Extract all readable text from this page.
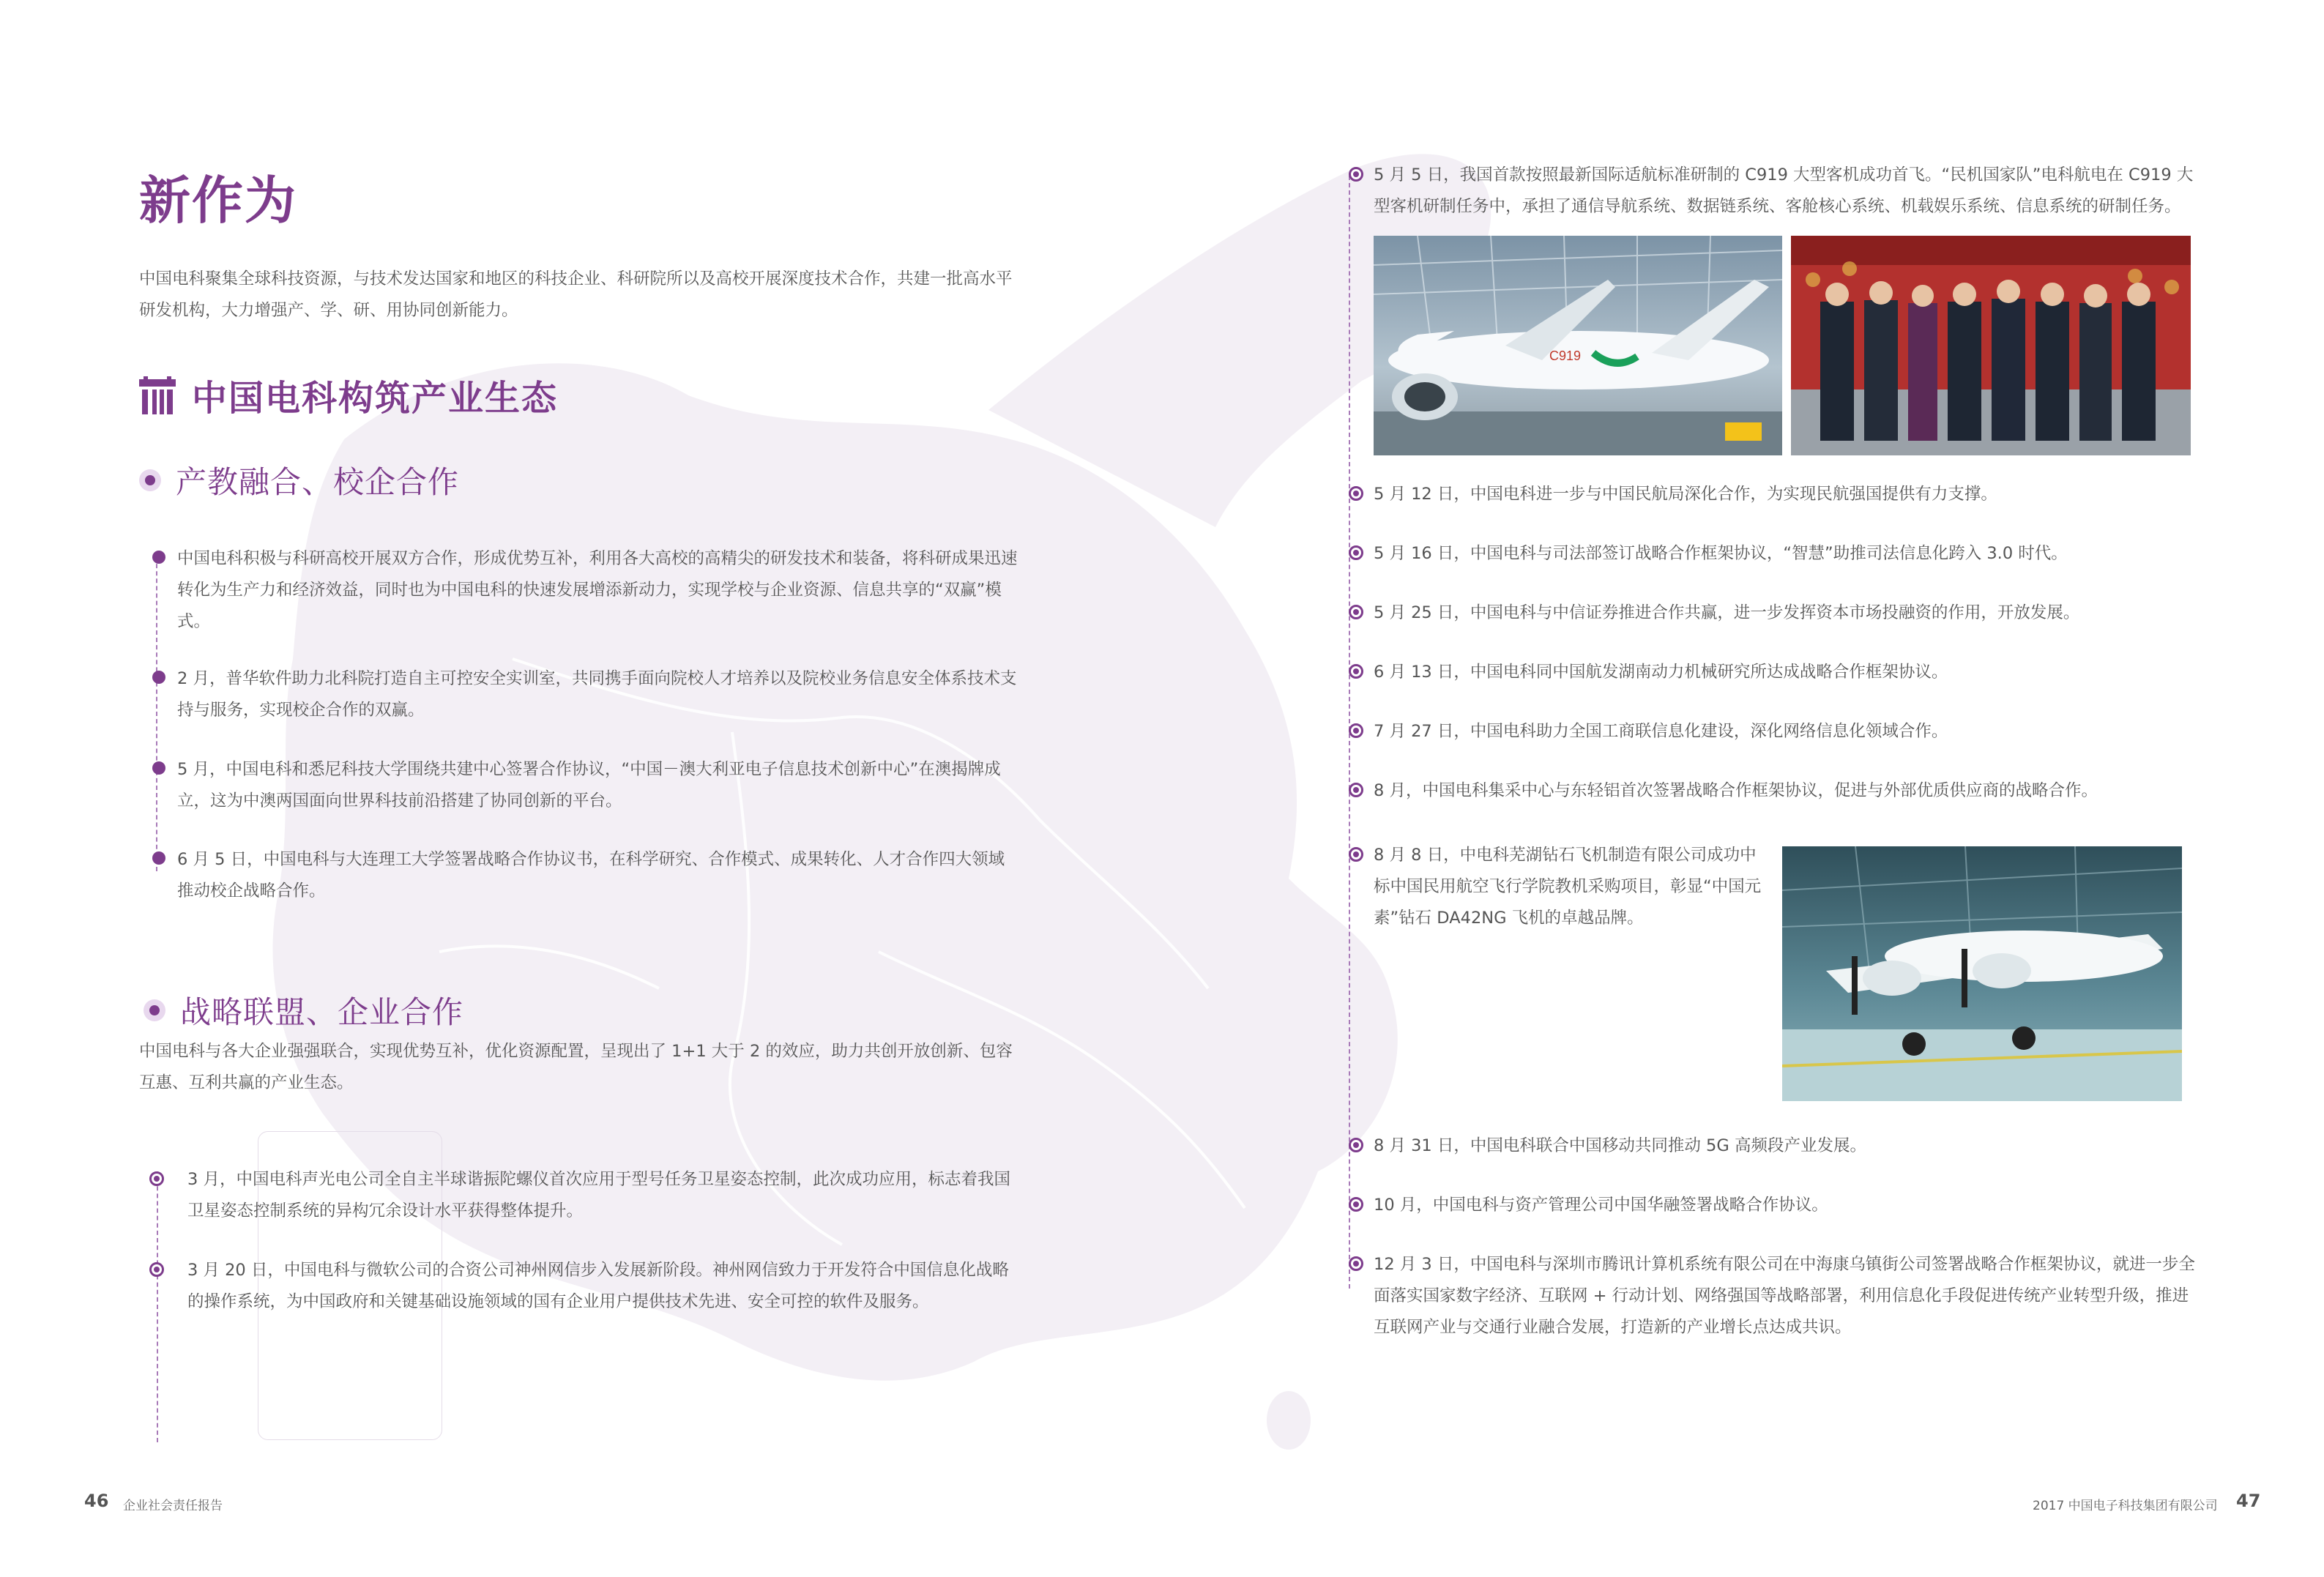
新作为
中国电科聚集全球科技资源，与技术发达国家和地区的科技企业、科研院所以及高校开展深度技术合作，共建一批高水平研发机构，大力增强产、学、研、用协同创新能力。
中国电科构筑产业生态
产教融合、校企合作
中国电科积极与科研高校开展双方合作，形成优势互补，利用各大高校的高精尖的研发技术和装备，将科研成果迅速转化为生产力和经济效益，同时也为中国电科的快速发展增添新动力，实现学校与企业资源、信息共享的“双赢”模式。
2 月，普华软件助力北科院打造自主可控安全实训室，共同携手面向院校人才培养以及院校业务信息安全体系技术支持与服务，实现校企合作的双赢。
5 月，中国电科和悉尼科技大学围绕共建中心签署合作协议，“中国－澳大利亚电子信息技术创新中心”在澳揭牌成立，这为中澳两国面向世界科技前沿搭建了协同创新的平台。
6 月 5 日，中国电科与大连理工大学签署战略合作协议书，在科学研究、合作模式、成果转化、人才合作四大领域推动校企战略合作。
战略联盟、企业合作
中国电科与各大企业强强联合，实现优势互补，优化资源配置，呈现出了 1+1 大于 2 的效应，助力共创开放创新、包容互惠、互利共赢的产业生态。
3 月，中国电科声光电公司全自主半球谐振陀螺仪首次应用于型号任务卫星姿态控制，此次成功应用，标志着我国卫星姿态控制系统的异构冗余设计水平获得整体提升。
3 月 20 日，中国电科与微软公司的合资公司神州网信步入发展新阶段。神州网信致力于开发符合中国信息化战略的操作系统，为中国政府和关键基础设施领域的国有企业用户提供技术先进、安全可控的软件及服务。
46 企业社会责任报告
5 月 5 日，我国首款按照最新国际适航标准研制的 C919 大型客机成功首飞。“民机国家队”电科航电在 C919 大型客机研制任务中，承担了通信导航系统、数据链系统、客舱核心系统、机载娱乐系统、信息系统的研制任务。
C919
5 月 12 日，中国电科进一步与中国民航局深化合作，为实现民航强国提供有力支撑。
5 月 16 日，中国电科与司法部签订战略合作框架协议，“智慧”助推司法信息化跨入 3.0 时代。
5 月 25 日，中国电科与中信证券推进合作共赢，进一步发挥资本市场投融资的作用，开放发展。
6 月 13 日，中国电科同中国航发湖南动力机械研究所达成战略合作框架协议。
7 月 27 日，中国电科助力全国工商联信息化建设，深化网络信息化领域合作。
8 月，中国电科集采中心与东轻铝首次签署战略合作框架协议，促进与外部优质供应商的战略合作。
8 月 8 日，中电科芜湖钻石飞机制造有限公司成功中标中国民用航空飞行学院教机采购项目，彰显“中国元素”钻石 DA42NG 飞机的卓越品牌。
8 月 31 日，中国电科联合中国移动共同推动 5G 高频段产业发展。
10 月，中国电科与资产管理公司中国华融签署战略合作协议。
12 月 3 日，中国电科与深圳市腾讯计算机系统有限公司在中海康乌镇街公司签署战略合作框架协议，就进一步全面落实国家数字经济、互联网 + 行动计划、网络强国等战略部署，利用信息化手段促进传统产业转型升级，推进互联网产业与交通行业融合发展，打造新的产业增长点达成共识。
2017 中国电子科技集团有限公司 47
